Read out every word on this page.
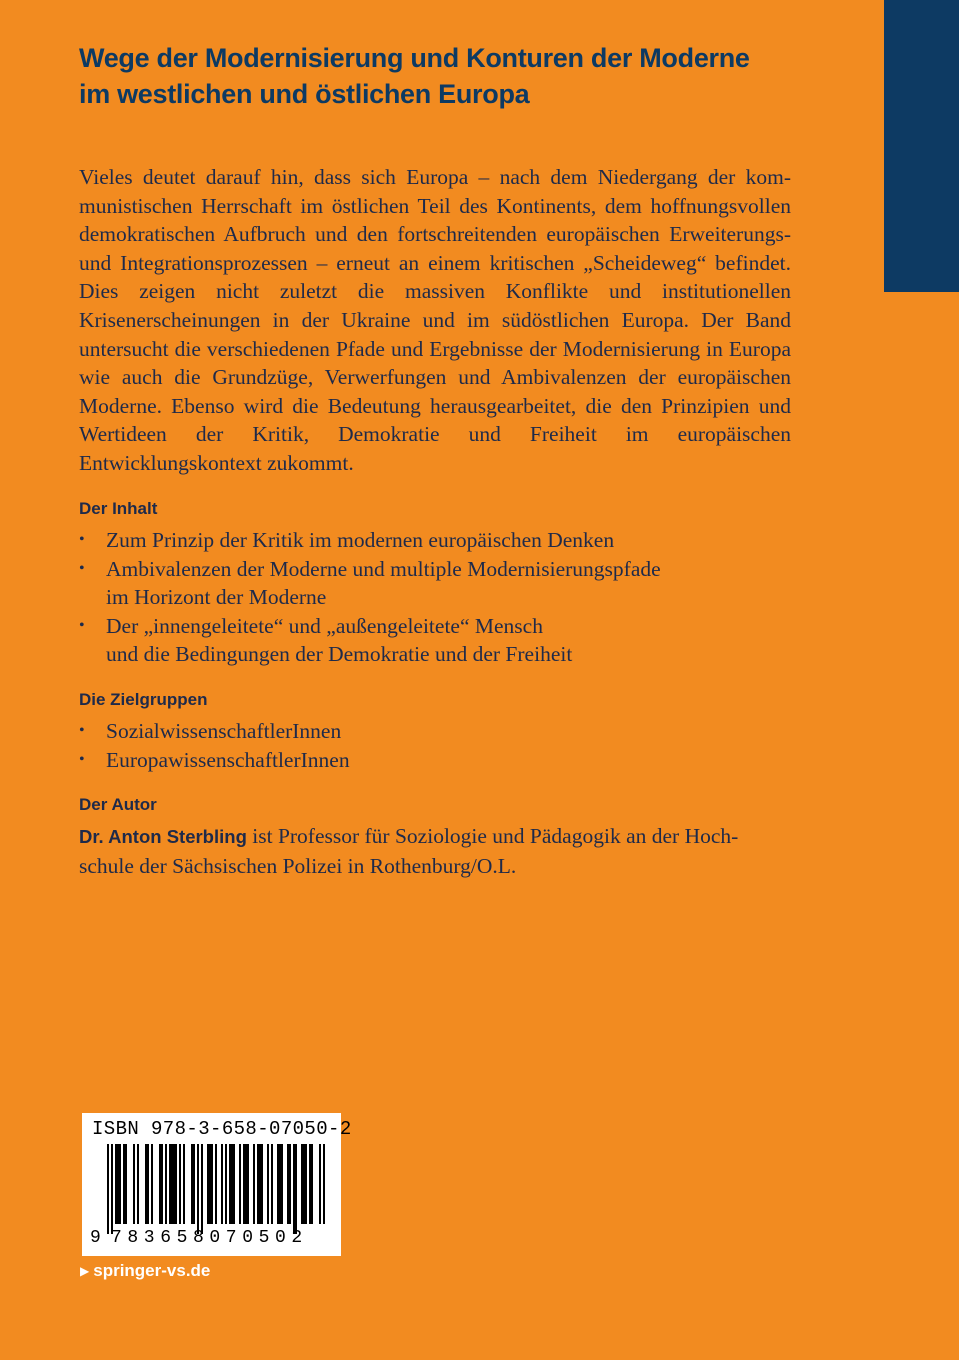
Wege der Modernisierung und Konturen der Moderne
im westlichen und östlichen Europa

Vieles deutet darauf hin, dass sich Europa – nach dem Niedergang der kommunistischen Herrschaft im östlichen Teil des Kontinents, dem hoffnungsvollen demokratischen Aufbruch und den fortschreitenden europäischen Erweiterungs- und Integrationsprozessen – erneut an einem kritischen „Scheideweg“ befindet. Dies zeigen nicht zuletzt die massiven Konflikte und institutionellen Krisenerscheinungen in der Ukraine und im südöstlichen Europa. Der Band untersucht die verschiedenen Pfade und Ergebnisse der Modernisierung in Europa wie auch die Grundzüge, Verwerfungen und Ambivalenzen der europäischen Moderne. Ebenso wird die Bedeutung herausgearbeitet, die den Prinzipien und Wertideen der Kritik, Demokratie und Freiheit im europäischen Entwicklungskontext zukommt.

Der Inhalt
• Zum Prinzip der Kritik im modernen europäischen Denken
• Ambivalenzen der Moderne und multiple Modernisierungspfade
im Horizont der Moderne
• Der „innengeleitete“ und „außengeleitete“ Mensch
und die Bedingungen der Demokratie und der Freiheit
Die Zielgruppen
• SozialwissenschaftlerInnen
• EuropawissenschaftlerInnen
Der Autor

Dr. Anton Sterbling ist Professor für Soziologie und Pädagogik an der Hoch-
schule der Sächsischen Polizei in Rothenburg/O.L.

ISBN 978-3-658-07050-2
9 783658070502
▶ springer-vs.de
